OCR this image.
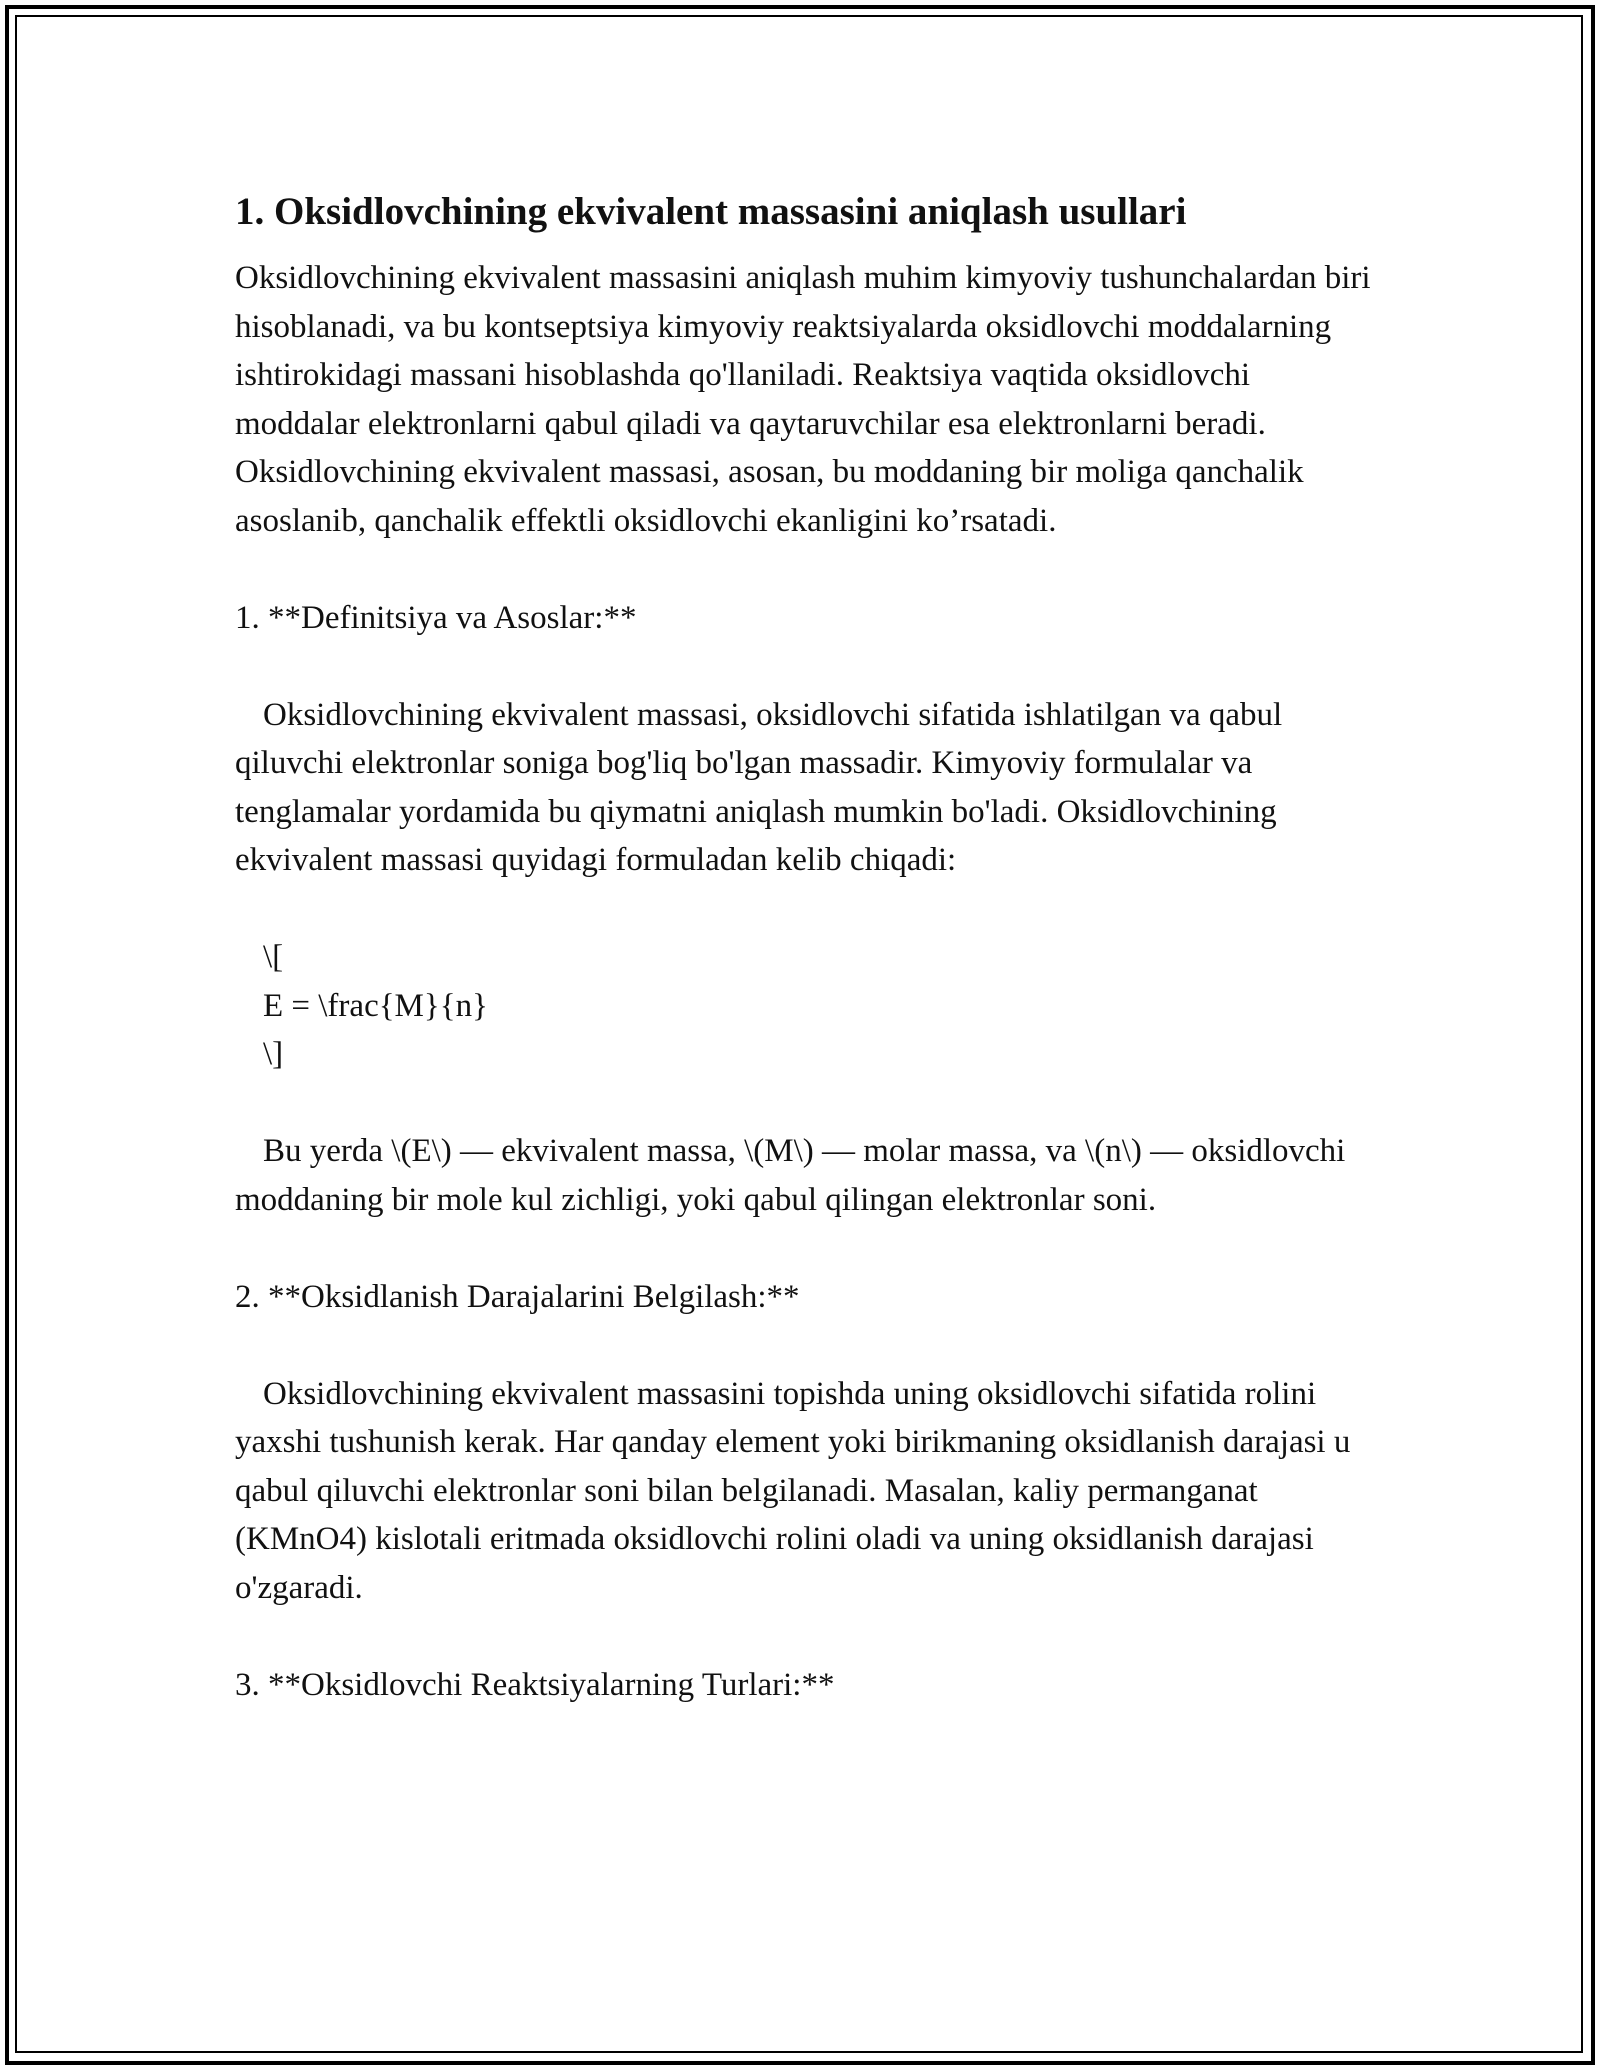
1. Oksidlovchining ekvivalent massasini aniqlash usullari

Oksidlovchining ekvivalent massasini aniqlash muhim kimyoviy tushunchalardan biri hisoblanadi, va bu kontseptsiya kimyoviy reaktsiyalarda oksidlovchi moddalarning ishtirokidagi massani hisoblashda qo'llaniladi. Reaktsiya vaqtida oksidlovchi moddalar elektronlarni qabul qiladi va qaytaruvchilar esa elektronlarni beradi. Oksidlovchining ekvivalent massasi, asosan, bu moddaning bir moliga qanchalik asoslanib, qanchalik effektli oksidlovchi ekanligini ko’rsatadi.

1. **Definitsiya va Asoslar:**

Oksidlovchining ekvivalent massasi, oksidlovchi sifatida ishlatilgan va qabul qiluvchi elektronlar soniga bog'liq bo'lgan massadir. Kimyoviy formulalar va tenglamalar yordamida bu qiymatni aniqlash mumkin bo'ladi. Oksidlovchining ekvivalent massasi quyidagi formuladan kelib chiqadi:

\[

E = \frac{M}{n}

\]

Bu yerda \(E\) — ekvivalent massa, \(M\) — molar massa, va \(n\) — oksidlovchi moddaning bir mole kul zichligi, yoki qabul qilingan elektronlar soni.

2. **Oksidlanish Darajalarini Belgilash:**

Oksidlovchining ekvivalent massasini topishda uning oksidlovchi sifatida rolini yaxshi tushunish kerak. Har qanday element yoki birikmaning oksidlanish darajasi u qabul qiluvchi elektronlar soni bilan belgilanadi. Masalan, kaliy permanganat (KMnO4) kislotali eritmada oksidlovchi rolini oladi va uning oksidlanish darajasi o'zgaradi.

3. **Oksidlovchi Reaktsiyalarning Turlari:**
